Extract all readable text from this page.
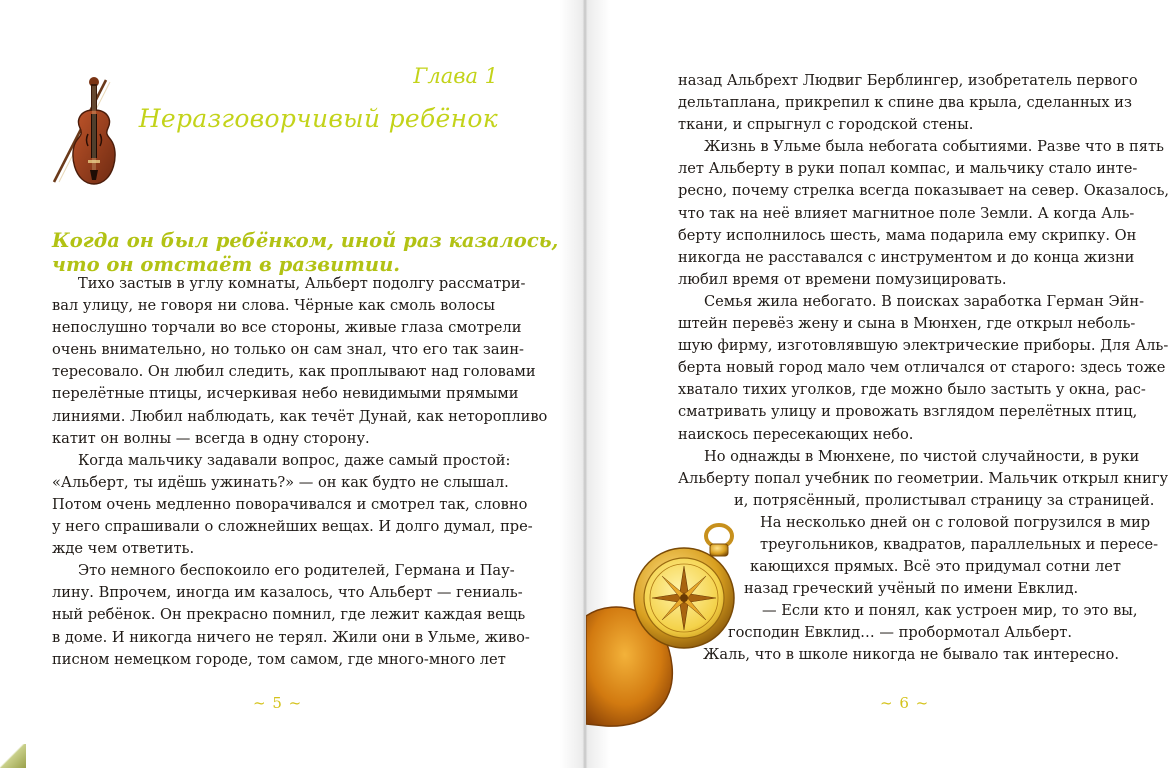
Глава 1
Неразговорчивый ребёнок
Когда он был ребёнком, иной раз казалось,
что он отстаёт в развитии.
Тихо застыв в углу комнаты, Альберт подолгу рассматри-
вал улицу, не говоря ни слова. Чёрные как смоль волосы
непослушно торчали во все стороны, живые глаза смотрели
очень внимательно, но только он сам знал, что его так заин-
тересовало. Он любил следить, как проплывают над головами
перелётные птицы, исчеркивая небо невидимыми прямыми
линиями. Любил наблюдать, как течёт Дунай, как неторопливо
катит он волны — всегда в одну сторону.
Когда мальчику задавали вопрос, даже самый простой:
«Альберт, ты идёшь ужинать?» — он как будто не слышал.
Потом очень медленно поворачивался и смотрел так, словно
у него спрашивали о сложнейших вещах. И долго думал, пре-
жде чем ответить.
Это немного беспокоило его родителей, Германа и Пау-
лину. Впрочем, иногда им казалось, что Альберт — гениаль-
ный ребёнок. Он прекрасно помнил, где лежит каждая вещь
в доме. И никогда ничего не терял. Жили они в Ульме, живо-
писном немецком городе, том самом, где много-много лет
~ 5 ~
назад Альбрехт Людвиг Берблингер, изобретатель первого
дельтаплана, прикрепил к спине два крыла, сделанных из
ткани, и спрыгнул с городской стены.
Жизнь в Ульме была небогата событиями. Разве что в пять
лет Альберту в руки попал компас, и мальчику стало инте-
ресно, почему стрелка всегда показывает на север. Оказалось,
что так на неё влияет магнитное поле Земли. А когда Аль-
берту исполнилось шесть, мама подарила ему скрипку. Он
никогда не расставался с инструментом и до конца жизни
любил время от времени помузицировать.
Семья жила небогато. В поисках заработка Герман Эйн-
штейн перевёз жену и сына в Мюнхен, где открыл неболь-
шую фирму, изготовлявшую электрические приборы. Для Аль-
берта новый город мало чем отличался от старого: здесь тоже
хватало тихих уголков, где можно было застыть у окна, рас-
сматривать улицу и провожать взглядом перелётных птиц,
наискось пересекающих небо.
Но однажды в Мюнхене, по чистой случайности, в руки
Альберту попал учебник по геометрии. Мальчик открыл книгу
и, потрясённый, пролистывал страницу за страницей.
На несколько дней он с головой погрузился в мир
треугольников, квадратов, параллельных и пересе-
кающихся прямых. Всё это придумал сотни лет
назад греческий учёный по имени Евклид.
— Если кто и понял, как устроен мир, то это вы,
господин Евклид… — пробормотал Альберт.
Жаль, что в школе никогда не бывало так интересно.
~ 6 ~
